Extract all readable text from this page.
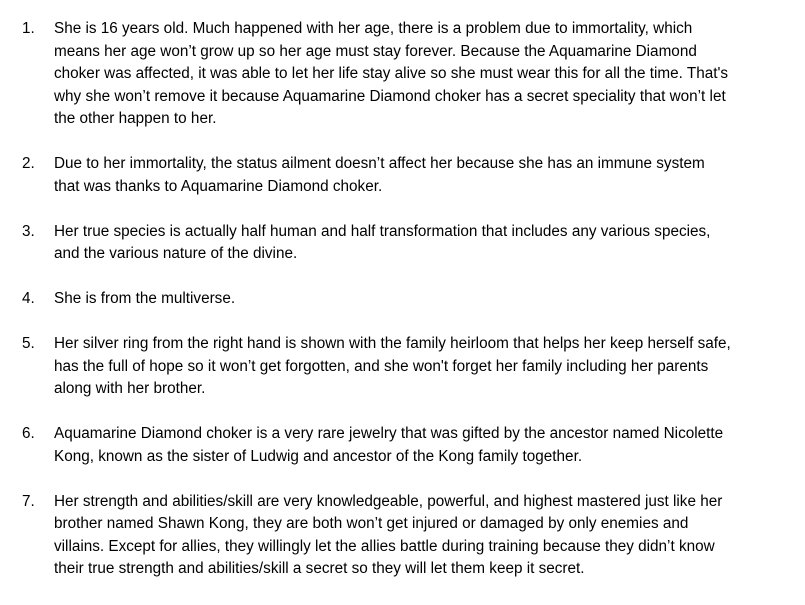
1. She is 16 years old. Much happened with her age, there is a problem due to immortality, which
means her age won’t grow up so her age must stay forever. Because the Aquamarine Diamond
choker was affected, it was able to let her life stay alive so she must wear this for all the time. That's
why she won’t remove it because Aquamarine Diamond choker has a secret speciality that won’t let
the other happen to her.
2. Due to her immortality, the status ailment doesn’t affect her because she has an immune system
that was thanks to Aquamarine Diamond choker.
3. Her true species is actually half human and half transformation that includes any various species,
and the various nature of the divine.
4. She is from the multiverse.
5. Her silver ring from the right hand is shown with the family heirloom that helps her keep herself safe,
has the full of hope so it won’t get forgotten, and she won't forget her family including her parents
along with her brother.
6. Aquamarine Diamond choker is a very rare jewelry that was gifted by the ancestor named Nicolette
Kong, known as the sister of Ludwig and ancestor of the Kong family together.
7. Her strength and abilities/skill are very knowledgeable, powerful, and highest mastered just like her
brother named Shawn Kong, they are both won’t get injured or damaged by only enemies and
villains. Except for allies, they willingly let the allies battle during training because they didn’t know
their true strength and abilities/skill a secret so they will let them keep it secret.
